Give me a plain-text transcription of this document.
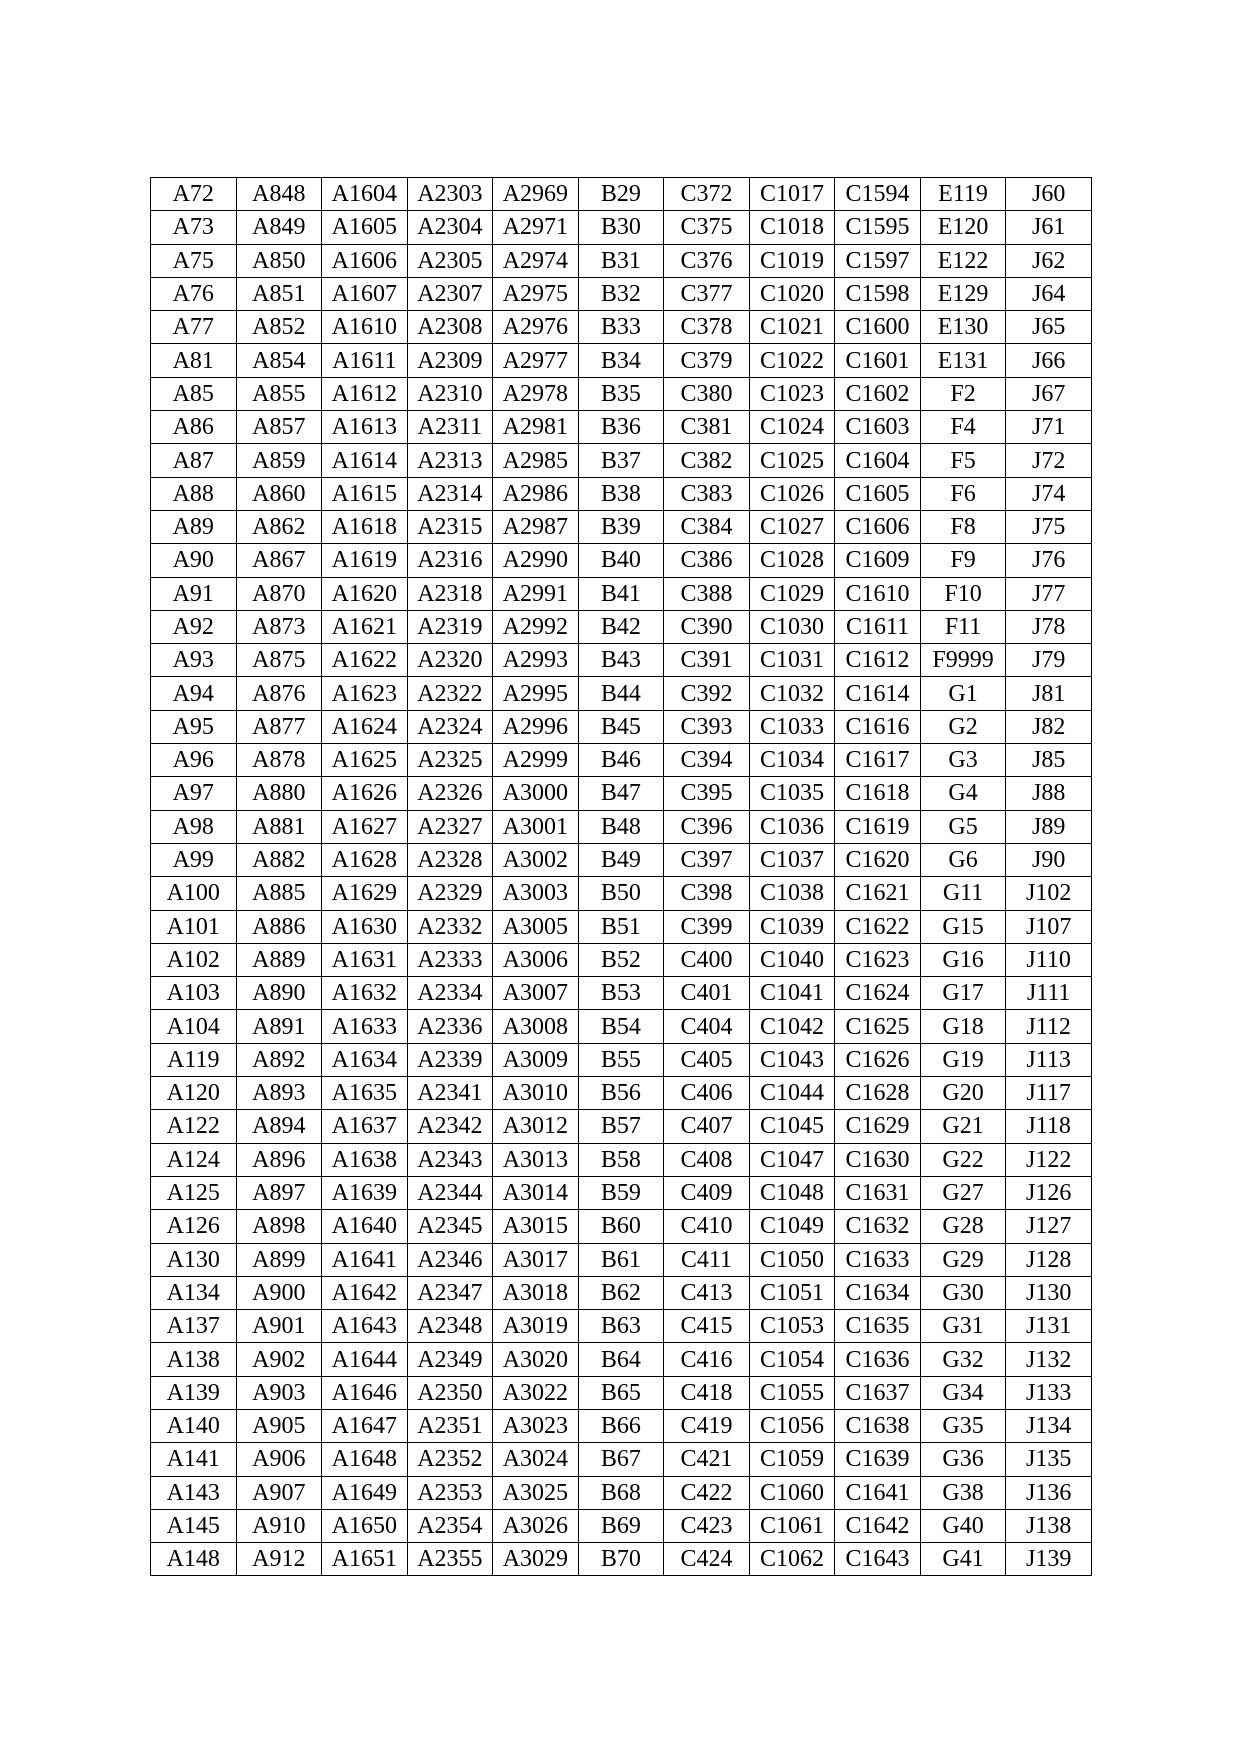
A72	A848	A1604	A2303	A2969	B29	C372	C1017	C1594	E119	J60
A73	A849	A1605	A2304	A2971	B30	C375	C1018	C1595	E120	J61
A75	A850	A1606	A2305	A2974	B31	C376	C1019	C1597	E122	J62
A76	A851	A1607	A2307	A2975	B32	C377	C1020	C1598	E129	J64
A77	A852	A1610	A2308	A2976	B33	C378	C1021	C1600	E130	J65
A81	A854	A1611	A2309	A2977	B34	C379	C1022	C1601	E131	J66
A85	A855	A1612	A2310	A2978	B35	C380	C1023	C1602	F2	J67
A86	A857	A1613	A2311	A2981	B36	C381	C1024	C1603	F4	J71
A87	A859	A1614	A2313	A2985	B37	C382	C1025	C1604	F5	J72
A88	A860	A1615	A2314	A2986	B38	C383	C1026	C1605	F6	J74
A89	A862	A1618	A2315	A2987	B39	C384	C1027	C1606	F8	J75
A90	A867	A1619	A2316	A2990	B40	C386	C1028	C1609	F9	J76
A91	A870	A1620	A2318	A2991	B41	C388	C1029	C1610	F10	J77
A92	A873	A1621	A2319	A2992	B42	C390	C1030	C1611	F11	J78
A93	A875	A1622	A2320	A2993	B43	C391	C1031	C1612	F9999	J79
A94	A876	A1623	A2322	A2995	B44	C392	C1032	C1614	G1	J81
A95	A877	A1624	A2324	A2996	B45	C393	C1033	C1616	G2	J82
A96	A878	A1625	A2325	A2999	B46	C394	C1034	C1617	G3	J85
A97	A880	A1626	A2326	A3000	B47	C395	C1035	C1618	G4	J88
A98	A881	A1627	A2327	A3001	B48	C396	C1036	C1619	G5	J89
A99	A882	A1628	A2328	A3002	B49	C397	C1037	C1620	G6	J90
A100	A885	A1629	A2329	A3003	B50	C398	C1038	C1621	G11	J102
A101	A886	A1630	A2332	A3005	B51	C399	C1039	C1622	G15	J107
A102	A889	A1631	A2333	A3006	B52	C400	C1040	C1623	G16	J110
A103	A890	A1632	A2334	A3007	B53	C401	C1041	C1624	G17	J111
A104	A891	A1633	A2336	A3008	B54	C404	C1042	C1625	G18	J112
A119	A892	A1634	A2339	A3009	B55	C405	C1043	C1626	G19	J113
A120	A893	A1635	A2341	A3010	B56	C406	C1044	C1628	G20	J117
A122	A894	A1637	A2342	A3012	B57	C407	C1045	C1629	G21	J118
A124	A896	A1638	A2343	A3013	B58	C408	C1047	C1630	G22	J122
A125	A897	A1639	A2344	A3014	B59	C409	C1048	C1631	G27	J126
A126	A898	A1640	A2345	A3015	B60	C410	C1049	C1632	G28	J127
A130	A899	A1641	A2346	A3017	B61	C411	C1050	C1633	G29	J128
A134	A900	A1642	A2347	A3018	B62	C413	C1051	C1634	G30	J130
A137	A901	A1643	A2348	A3019	B63	C415	C1053	C1635	G31	J131
A138	A902	A1644	A2349	A3020	B64	C416	C1054	C1636	G32	J132
A139	A903	A1646	A2350	A3022	B65	C418	C1055	C1637	G34	J133
A140	A905	A1647	A2351	A3023	B66	C419	C1056	C1638	G35	J134
A141	A906	A1648	A2352	A3024	B67	C421	C1059	C1639	G36	J135
A143	A907	A1649	A2353	A3025	B68	C422	C1060	C1641	G38	J136
A145	A910	A1650	A2354	A3026	B69	C423	C1061	C1642	G40	J138
A148	A912	A1651	A2355	A3029	B70	C424	C1062	C1643	G41	J139
